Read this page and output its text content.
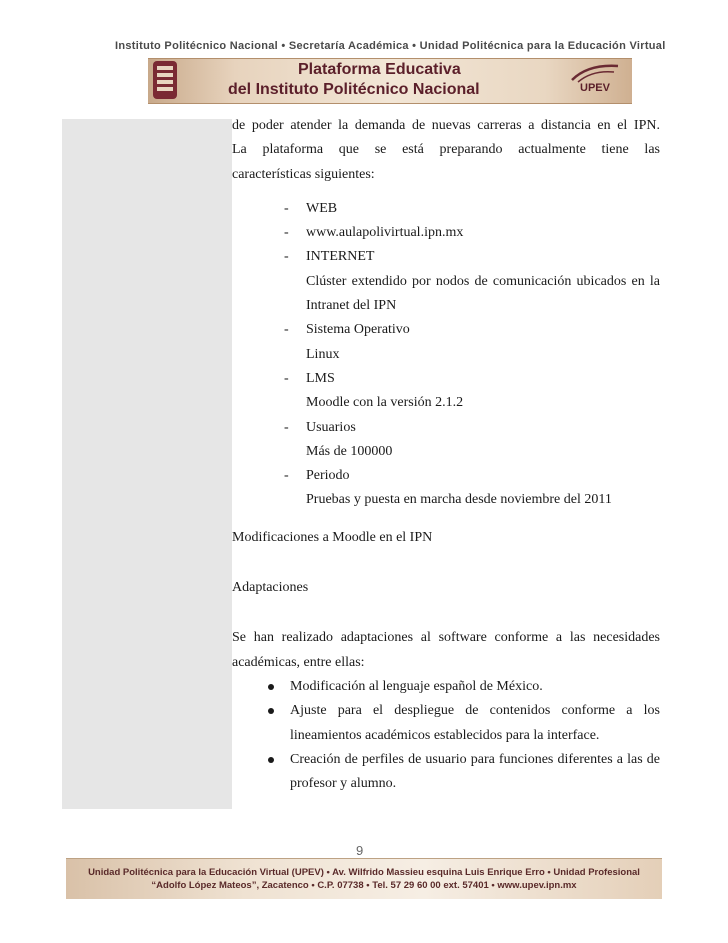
Instituto Politécnico Nacional • Secretaría Académica • Unidad Politécnica para la Educación Virtual
Plataforma Educativa
del Instituto Politécnico Nacional	UPEV

de poder atender la demanda de nuevas carreras a distancia en el IPN.

La plataforma que se está preparando actualmente tiene las

características siguientes:

- WEB
- www.aulapolivirtual.ipn.mx
- INTERNET
Clúster extendido por nodos de comunicación ubicados en la Intranet del IPN
- Sistema Operativo
Linux
- LMS
Moodle con la versión 2.1.2
- Usuarios
Más de 100000
- Periodo
Pruebas y puesta en marcha desde noviembre del 2011

Modificaciones a Moodle en el IPN

Adaptaciones

Se han realizado adaptaciones al software conforme a las necesidades académicas, entre ellas:

Modificación al lenguaje español de México.
Ajuste para el despliegue de contenidos conforme a los lineamientos académicos establecidos para la interface.
Creación de perfiles de usuario para funciones diferentes a las de profesor y alumno.
9
Unidad Politécnica para la Educación Virtual (UPEV) • Av. Wilfrido Massieu esquina Luis Enrique Erro • Unidad Profesional
“Adolfo López Mateos”, Zacatenco • C.P. 07738 • Tel. 57 29 60 00 ext. 57401 • www.upev.ipn.mx
